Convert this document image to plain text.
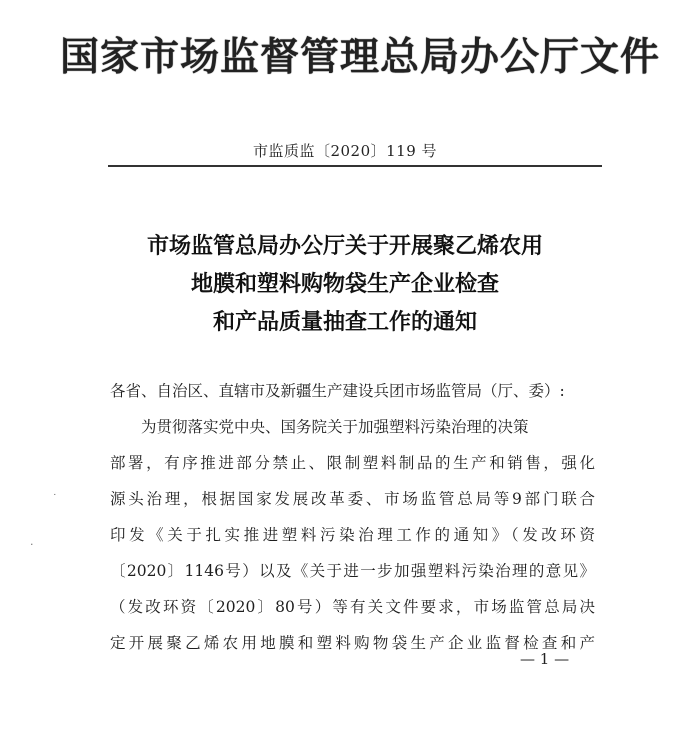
国家市场监督管理总局办公厅文件
市监质监〔2020〕119 号
市场监管总局办公厅关于开展聚乙烯农用
地膜和塑料购物袋生产企业检查
和产品质量抽查工作的通知
各省、自治区、直辖市及新疆生产建设兵团市场监管局（厅、委）:
　　为贯彻落实党中央、国务院关于加强塑料污染治理的决策
部署，有序推进部分禁止、限制塑料制品的生产和销售，强化
源头治理，根据国家发展改革委、市场监管总局等9部门联合
印发《关于扎实推进塑料污染治理工作的通知》（发改环资
〔2020〕1146号）以及《关于进一步加强塑料污染治理的意见》
（发改环资〔2020〕80号）等有关文件要求，市场监管总局决
定开展聚乙烯农用地膜和塑料购物袋生产企业监督检查和产
— 1 —
˙
·
